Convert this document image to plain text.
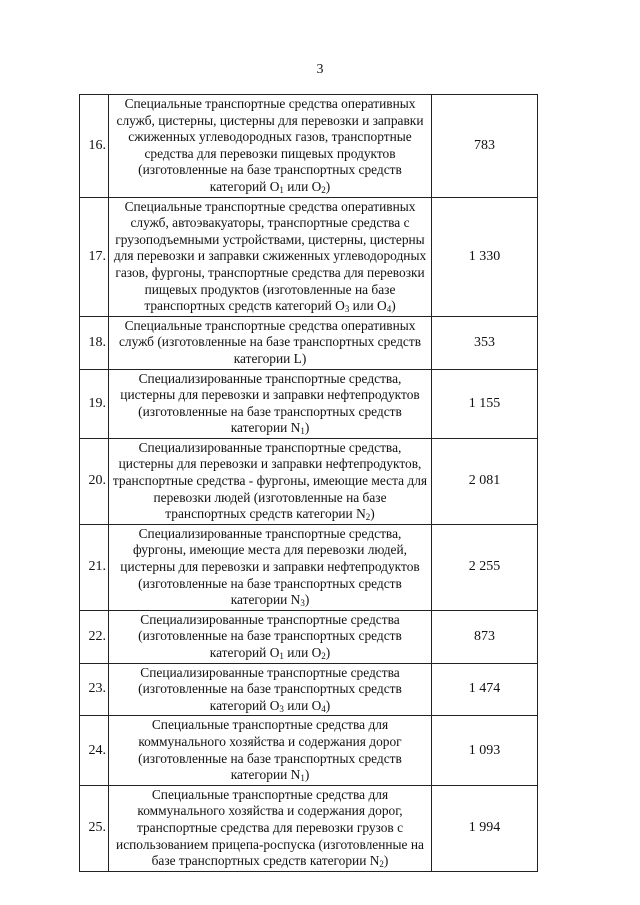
3
16.	Специальные транспортные средства оперативных служб, цистерны, цистерны для перевозки и заправки сжиженных углеводородных газов, транспортные средства для перевозки пищевых продуктов (изготовленные на базе транспортных средств категорий $O_1$ или $O_2$)	783
17.	Специальные транспортные средства оперативных служб, автоэвакуаторы, транспортные средства с грузоподъемными устройствами, цистерны, цистерны для перевозки и заправки сжиженных углеводородных газов, фургоны, транспортные средства для перевозки пищевых продуктов (изготовленные на базе транспортных средств категорий $O_3$ или $O_4$)	1 330
18.	Специальные транспортные средства оперативных служб (изготовленные на базе транспортных средств категории L)	353
19.	Специализированные транспортные средства, цистерны для перевозки и заправки нефтепродуктов (изготовленные на базе транспортных средств категории $N_1$)	1 155
20.	Специализированные транспортные средства, цистерны для перевозки и заправки нефтепродуктов, транспортные средства - фургоны, имеющие места для перевозки людей (изготовленные на базе транспортных средств категории $N_2$)	2 081
21.	Специализированные транспортные средства, фургоны, имеющие места для перевозки людей, цистерны для перевозки и заправки нефтепродуктов (изготовленные на базе транспортных средств категории $N_3$)	2 255
22.	Специализированные транспортные средства (изготовленные на базе транспортных средств категорий $O_1$ или $O_2$)	873
23.	Специализированные транспортные средства (изготовленные на базе транспортных средств категорий $O_3$ или $O_4$)	1 474
24.	Специальные транспортные средства для коммунального хозяйства и содержания дорог (изготовленные на базе транспортных средств категории $N_1$)	1 093
25.	Специальные транспортные средства для коммунального хозяйства и содержания дорог, транспортные средства для перевозки грузов с использованием прицепа-роспуска (изготовленные на базе транспортных средств категории $N_2$)	1 994
